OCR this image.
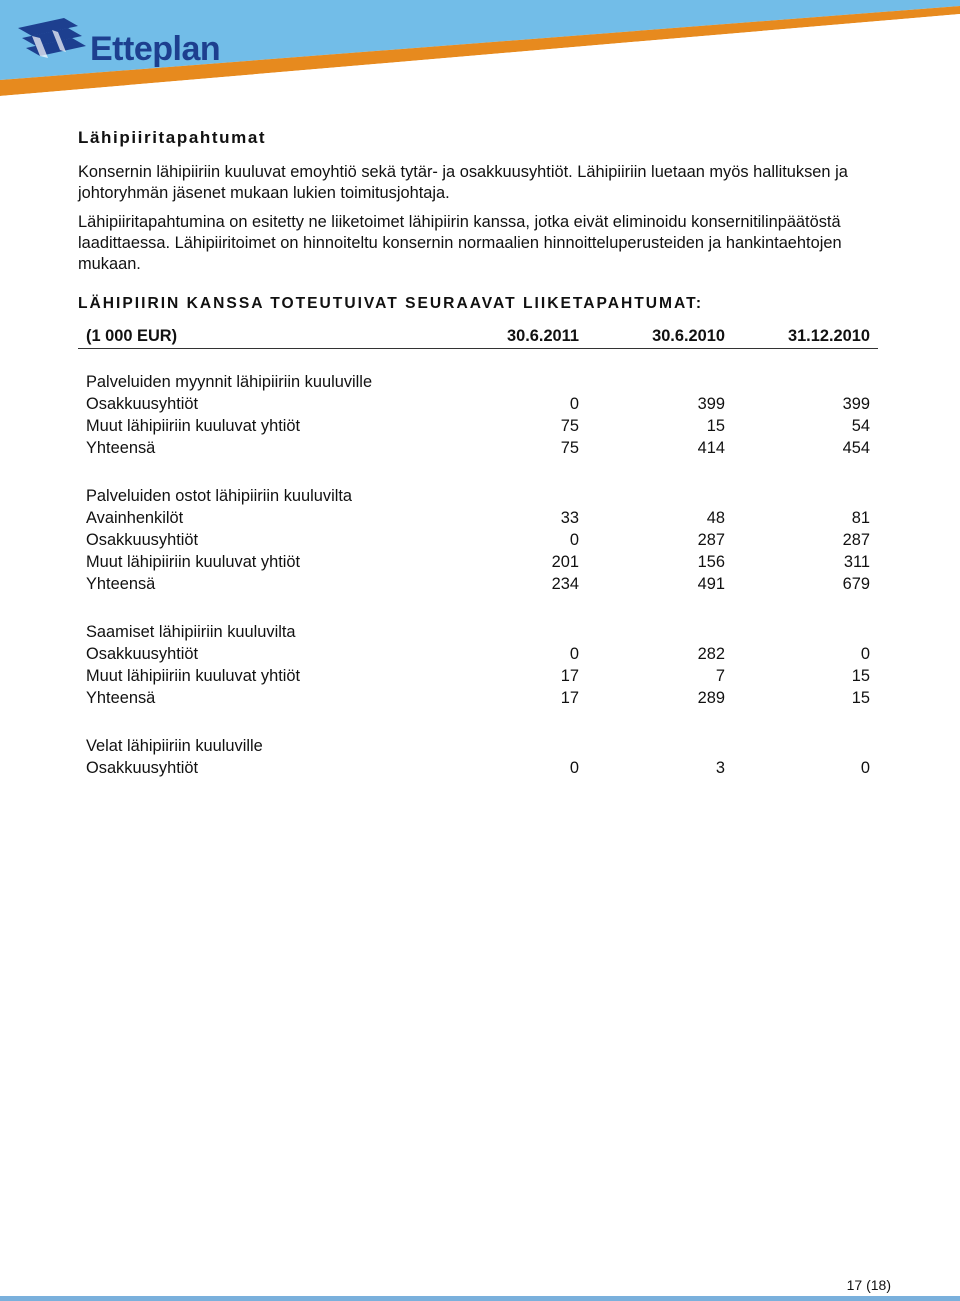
Etteplan
Lähipiiritapahtumat

Konsernin lähipiiriin kuuluvat emoyhtiö sekä tytär- ja osakkuusyhtiöt. Lähipiiriin luetaan myös hallituksen ja johtoryhmän jäsenet mukaan lukien toimitusjohtaja.

Lähipiiritapahtumina on esitetty ne liiketoimet lähipiirin kanssa, jotka eivät eliminoidu konsernitilinpäätöstä laadittaessa. Lähipiiritoimet on hinnoiteltu konsernin normaalien hinnoitteluperusteiden ja hankintaehtojen mukaan.

LÄHIPIIRIN KANSSA TOTEUTUIVAT SEURAAVAT LIIKETAPAHTUMAT:
(1 000 EUR)	30.6.2011	30.6.2010	31.12.2010
Palveluiden myynnit lähipiiriin kuuluville
Osakkuusyhtiöt	0	399	399
Muut lähipiiriin kuuluvat yhtiöt	75	15	54
Yhteensä	75	414	454
Palveluiden ostot lähipiiriin kuuluvilta
Avainhenkilöt	33	48	81
Osakkuusyhtiöt	0	287	287
Muut lähipiiriin kuuluvat yhtiöt	201	156	311
Yhteensä	234	491	679
Saamiset lähipiiriin kuuluvilta
Osakkuusyhtiöt	0	282	0
Muut lähipiiriin kuuluvat yhtiöt	17	7	15
Yhteensä	17	289	15
Velat lähipiiriin kuuluville
Osakkuusyhtiöt	0	3	0
17 (18)
